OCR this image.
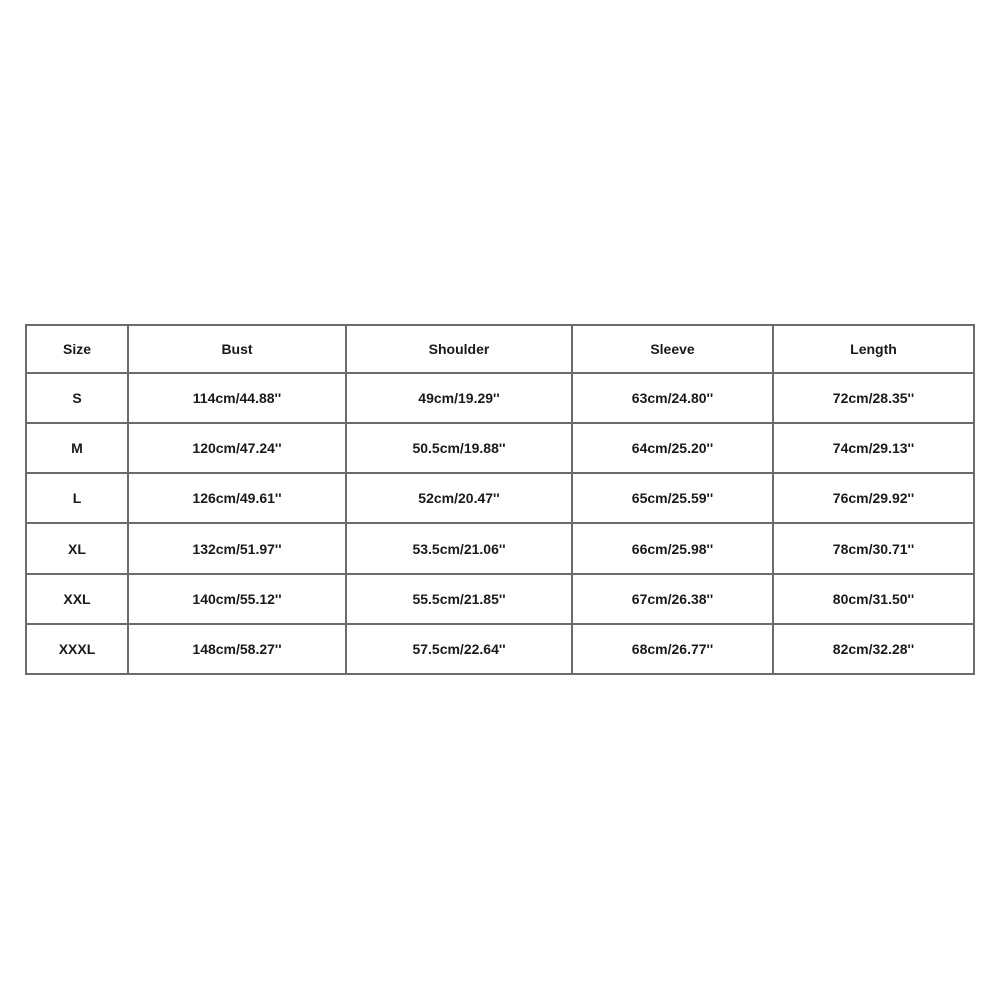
Size	Bust	Shoulder	Sleeve	Length
S	114cm/44.88''	49cm/19.29''	63cm/24.80''	72cm/28.35''
M	120cm/47.24''	50.5cm/19.88''	64cm/25.20''	74cm/29.13''
L	126cm/49.61''	52cm/20.47''	65cm/25.59''	76cm/29.92''
XL	132cm/51.97''	53.5cm/21.06''	66cm/25.98''	78cm/30.71''
XXL	140cm/55.12''	55.5cm/21.85''	67cm/26.38''	80cm/31.50''
XXXL	148cm/58.27''	57.5cm/22.64''	68cm/26.77''	82cm/32.28''
